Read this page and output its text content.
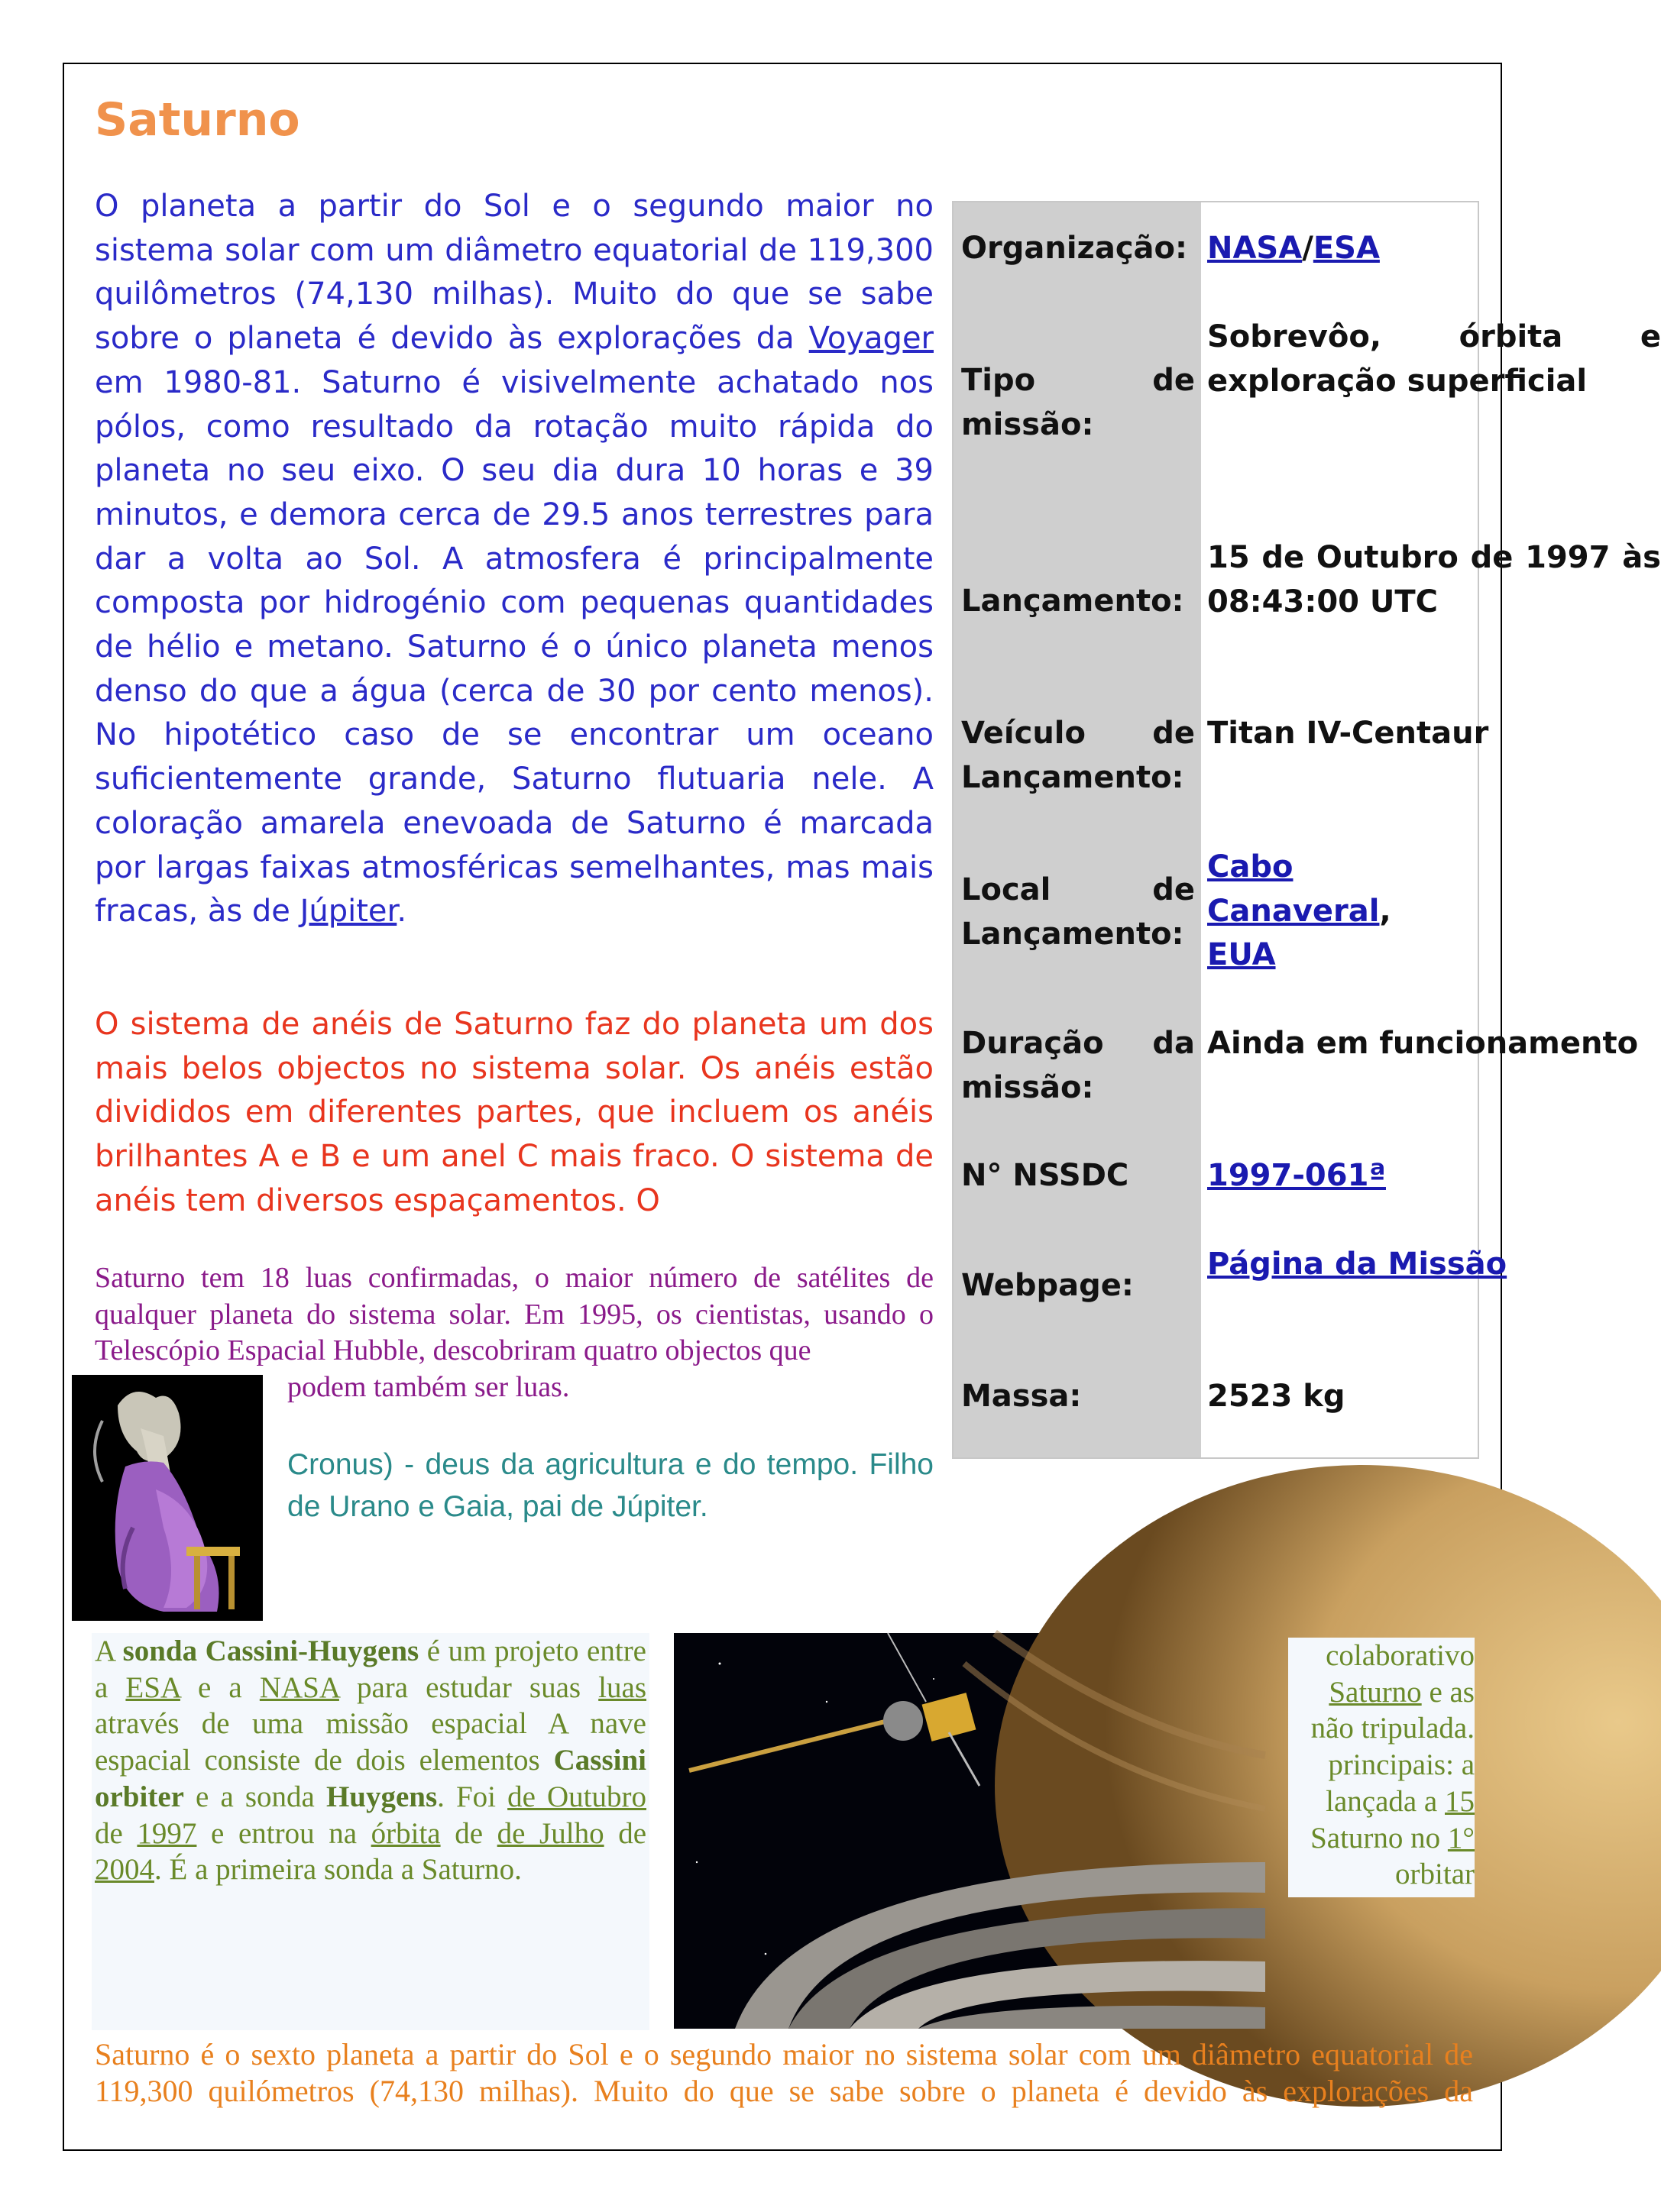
Saturno

O planeta a partir do Sol e o segundo maior no sistema solar com um diâmetro equatorial de 119,300 quilômetros (74,130 milhas). Muito do que se sabe sobre o planeta é devido às explorações da Voyager em 1980-81. Saturno é visivelmente achatado nos pólos, como resultado da rotação muito rápida do planeta no seu eixo. O seu dia dura 10 horas e 39 minutos, e demora cerca de 29.5 anos terrestres para dar a volta ao Sol. A atmosfera é principalmente composta por hidrogénio com pequenas quantidades de hélio e metano. Saturno é o único planeta menos denso do que a água (cerca de 30 por cento menos). No hipotético caso de se encontrar um oceano suficientemente grande, Saturno flutuaria nele. A coloração amarela enevoada de Saturno é marcada por largas faixas atmosféricas semelhantes, mas mais fracas, às de Júpiter.

O sistema de anéis de Saturno faz do planeta um dos mais belos objectos no sistema solar. Os anéis estão divididos em diferentes partes, que incluem os anéis brilhantes A e B e um anel C mais fraco. O sistema de anéis tem diversos espaçamentos. O

Saturno tem 18 luas confirmadas, o maior número de satélites de qualquer planeta do sistema solar. Em 1995, os cientistas, usando o Telescópio Espacial Hubble, descobriram quatro objectos que
podem também ser luas.

Cronus) - deus da agricultura e do tempo. Filho de Urano e Gaia, pai de Júpiter.

Organização: NASA/ESA
Tipo de
missão:
Sobrevôo, órbita e exploração superficial
Lançamento:
15 de Outubro de 1997 às 08:43:00 UTC
Veículo de
Lançamento:
Titan IV-Centaur
Local de
Lançamento:
Cabo
Canaveral,
EUA
Duração da
missão:
Ainda em funcionamento
N° NSSDC	1997-061ª
Webpage:
Página da Missão
Massa:	2523 kg

A sonda Cassini-Huygens é um projeto entre a ESA e a NASA para estudar suas luas através de uma missão espacial A nave espacial consiste de dois elementos Cassini orbiter e a sonda Huygens. Foi de Outubro de 1997 e entrou na órbita de de Julho de 2004. É a primeira sonda a Saturno.

colaborativo

Saturno e as

não tripulada.

principais: a

lançada a 15

Saturno no 1°

orbitar

Saturno é o sexto planeta a partir do Sol e o segundo maior no sistema solar com um diâmetro equatorial de 119,300 quilómetros (74,130 milhas). Muito do que se sabe sobre o planeta é devido às explorações da
